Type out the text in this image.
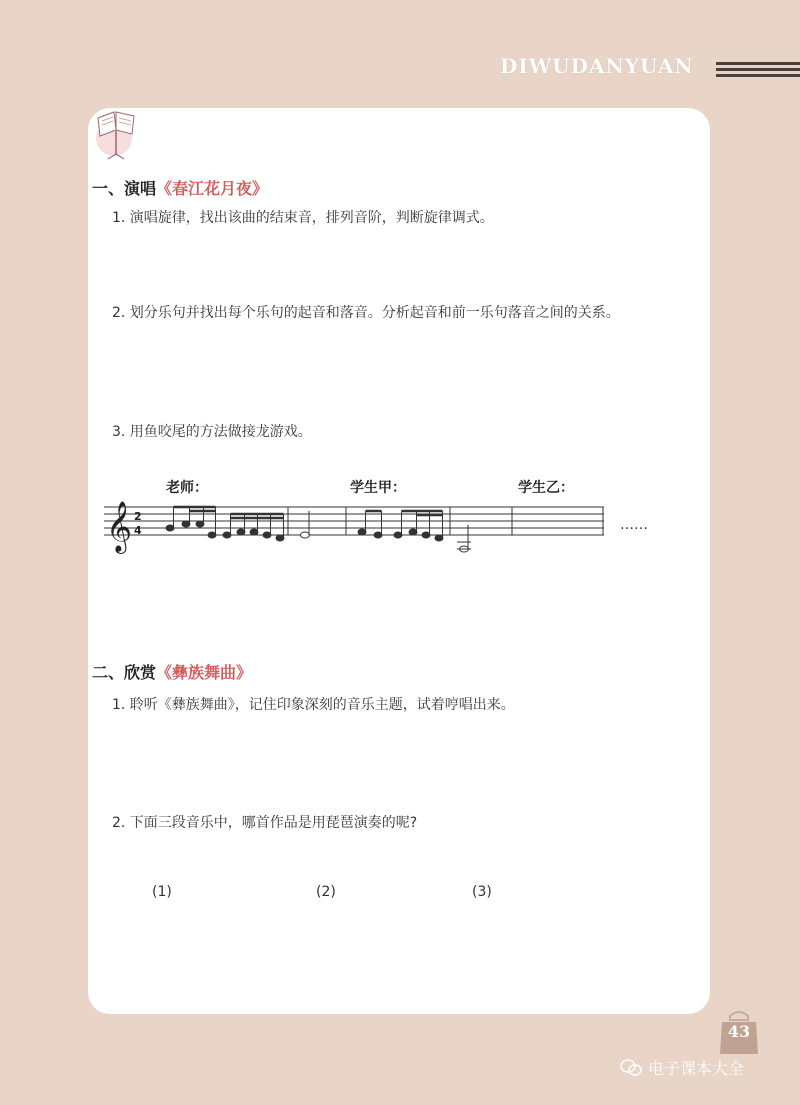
DIWUDANYUAN
一、演唱《春江花月夜》
1. 演唱旋律，找出该曲的结束音，排列音阶，判断旋律调式。
2. 划分乐句并找出每个乐句的起音和落音。分析起音和前一乐句落音之间的关系。
3. 用鱼咬尾的方法做接龙游戏。
老师：	学生甲：	学生乙：
𝄞 2
4	……
二、欣赏《彝族舞曲》
1. 聆听《彝族舞曲》，记住印象深刻的音乐主题，试着哼唱出来。
2. 下面三段音乐中，哪首作品是用琵琶演奏的呢?
(1)	(2)	(3)
43
电子课本大全
